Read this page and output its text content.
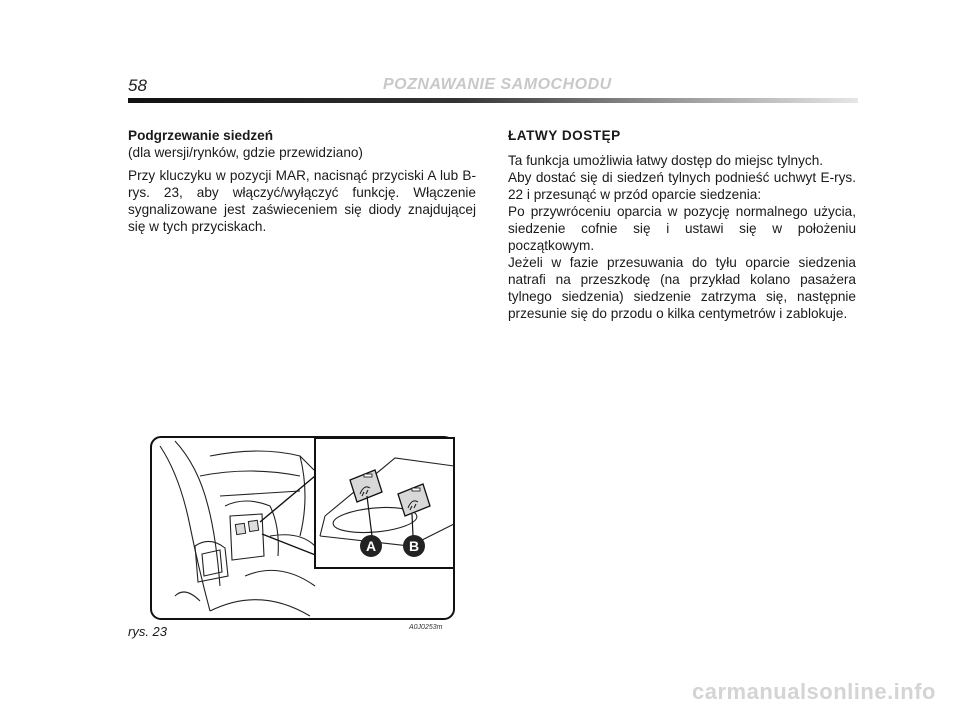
58	POZNAWANIE SAMOCHODU

Podgrzewanie siedzeń

(dla wersji/rynków, gdzie przewidziano)

Przy kluczyku w pozycji MAR, nacisnąć przyciski A lub B-rys. 23, aby włączyć/wyłączyć funkcję. Włączenie sygnalizowane jest zaświeceniem się diody znajdującej się w tych przyciskach.

ŁATWY DOSTĘP

Ta funkcja umożliwia łatwy dostęp do miejsc tylnych.

Aby dostać się di siedzeń tylnych podnieść uchwyt E-rys. 22 i przesunąć w przód oparcie siedzenia:

Po przywróceniu oparcia w pozycję normalnego użycia, siedzenie cofnie się i ustawi się w położeniu początkowym.

Jeżeli w fazie przesuwania do tyłu oparcie siedzenia natrafi na przeszkodę (na przykład kolano pasażera tylnego siedzenia) siedzenie zatrzyma się, następnie przesunie się do przodu o kilka centymetrów i zablokuje.

A B
rys. 23	A0J0253m
carmanualsonline.info
